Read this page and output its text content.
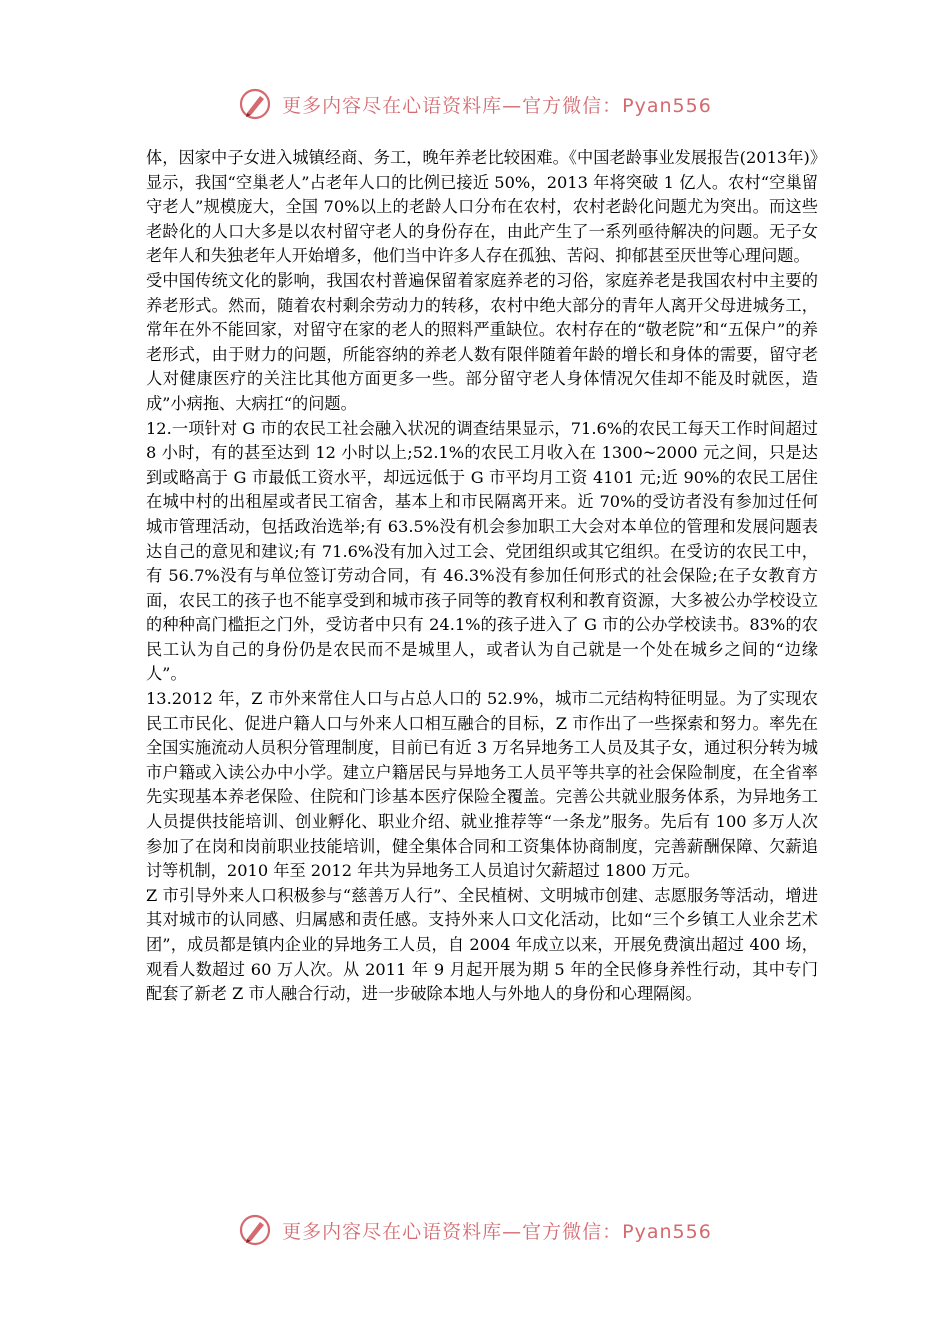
更多内容尽在心语资料库—官方微信：Pyan556

体，因家中子女进入城镇经商、务工，晚年养老比较困难。《中国老龄事业发展报告(2013年)》显示，我国“空巢老人”占老年人口的比例已接近 50%，2013 年将突破 1 亿人。农村“空巢留守老人”规模庞大，全国 70%以上的老龄人口分布在农村，农村老龄化问题尤为突出。而这些老龄化的人口大多是以农村留守老人的身份存在，由此产生了一系列亟待解决的问题。无子女老年人和失独老年人开始增多，他们当中许多人存在孤独、苦闷、抑郁甚至厌世等心理问题。

受中国传统文化的影响，我国农村普遍保留着家庭养老的习俗，家庭养老是我国农村中主要的养老形式。然而，随着农村剩余劳动力的转移，农村中绝大部分的青年人离开父母进城务工，常年在外不能回家，对留守在家的老人的照料严重缺位。农村存在的“敬老院”和“五保户”的养老形式，由于财力的问题，所能容纳的养老人数有限伴随着年龄的增长和身体的需要，留守老人对健康医疗的关注比其他方面更多一些。部分留守老人身体情况欠佳却不能及时就医，造成”小病拖、大病扛“的问题。

12.一项针对 G 市的农民工社会融入状况的调查结果显示，71.6%的农民工每天工作时间超过 8 小时，有的甚至达到 12 小时以上;52.1%的农民工月收入在 1300~2000 元之间，只是达到或略高于 G 市最低工资水平，却远远低于 G 市平均月工资 4101 元;近 90%的农民工居住在城中村的出租屋或者民工宿舍，基本上和市民隔离开来。近 70%的受访者没有参加过任何城市管理活动，包括政治选举;有 63.5%没有机会参加职工大会对本单位的管理和发展问题表达自己的意见和建议;有 71.6%没有加入过工会、党团组织或其它组织。在受访的农民工中，有 56.7%没有与单位签订劳动合同，有 46.3%没有参加任何形式的社会保险;在子女教育方面，农民工的孩子也不能享受到和城市孩子同等的教育权利和教育资源，大多被公办学校设立的种种高门槛拒之门外，受访者中只有 24.1%的孩子进入了 G 市的公办学校读书。83%的农民工认为自己的身份仍是农民而不是城里人，或者认为自己就是一个处在城乡之间的“边缘人”。

13.2012 年，Z 市外来常住人口与占总人口的 52.9%，城市二元结构特征明显。为了实现农民工市民化、促进户籍人口与外来人口相互融合的目标，Z 市作出了一些探索和努力。率先在全国实施流动人员积分管理制度，目前已有近 3 万名异地务工人员及其子女，通过积分转为城市户籍或入读公办中小学。建立户籍居民与异地务工人员平等共享的社会保险制度，在全省率先实现基本养老保险、住院和门诊基本医疗保险全覆盖。完善公共就业服务体系，为异地务工人员提供技能培训、创业孵化、职业介绍、就业推荐等“一条龙”服务。先后有 100 多万人次参加了在岗和岗前职业技能培训，健全集体合同和工资集体协商制度，完善薪酬保障、欠薪追讨等机制，2010 年至 2012 年共为异地务工人员追讨欠薪超过 1800 万元。

Z 市引导外来人口积极参与“慈善万人行”、全民植树、文明城市创建、志愿服务等活动，增进其对城市的认同感、归属感和责任感。支持外来人口文化活动，比如“三个乡镇工人业余艺术团”，成员都是镇内企业的异地务工人员，自 2004 年成立以来，开展免费演出超过 400 场，观看人数超过 60 万人次。从 2011 年 9 月起开展为期 5 年的全民修身养性行动，其中专门配套了新老 Z 市人融合行动，进一步破除本地人与外地人的身份和心理隔阂。

更多内容尽在心语资料库—官方微信：Pyan556
